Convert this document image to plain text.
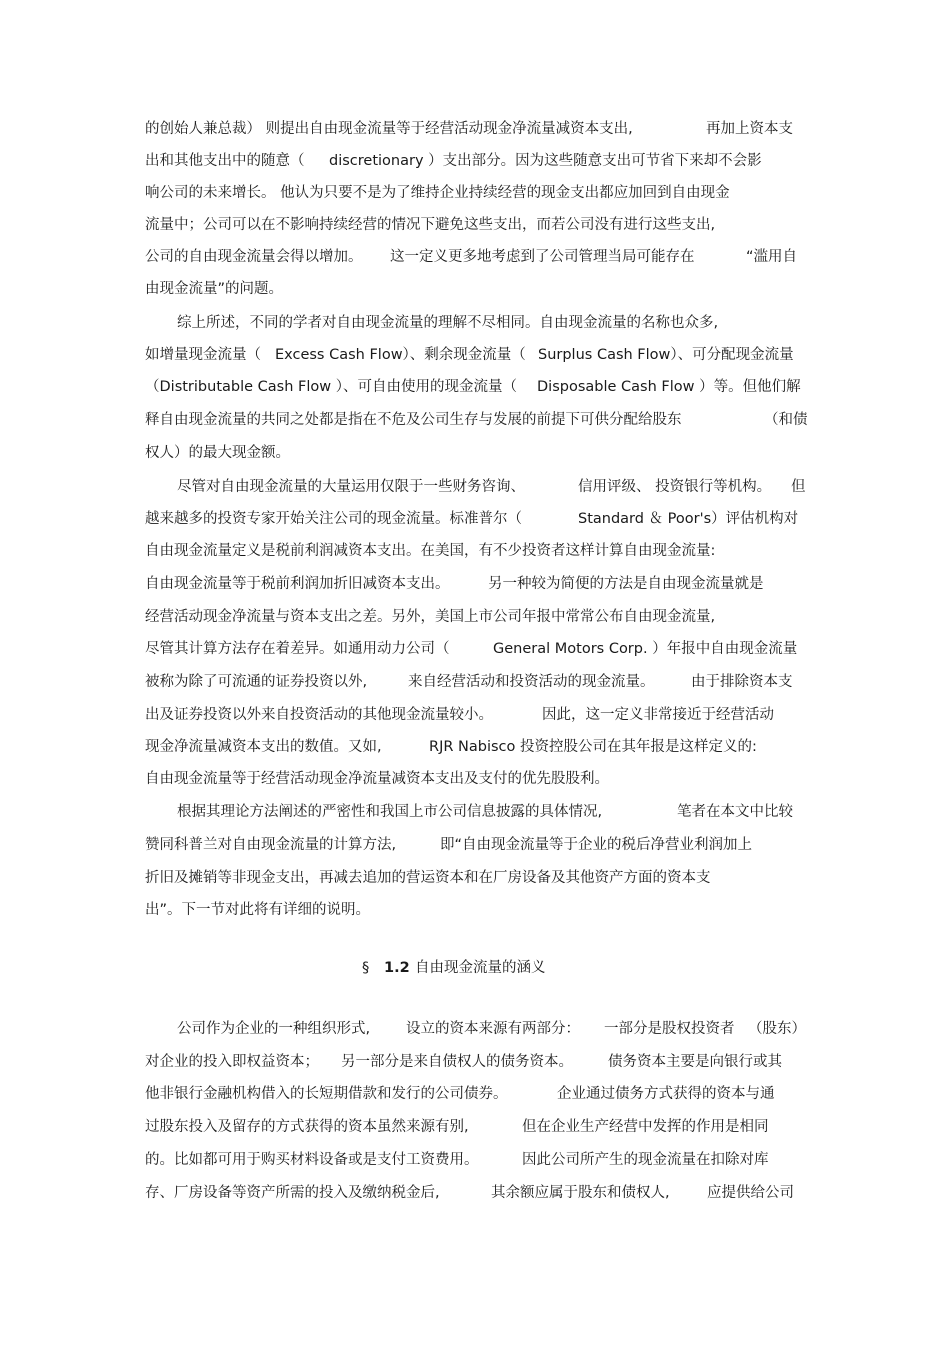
的创始人兼总裁） 则提出自由现金流量等于经营活动现金净流量减资本支出,	再加上资本支
出和其他支出中的随意（ discretionary ）支出部分。因为这些随意支出可节省下来却不会影
响公司的未来增长。 他认为只要不是为了维持企业持续经营的现金支出都应加回到自由现金
流量中；公司可以在不影响持续经营的情况下避免这些支出，而若公司没有进行这些支出,
公司的自由现金流量会得以增加。 这一定义更多地考虑到了公司管理当局可能存在	“滥用自
由现金流量”的问题。
综上所述，不同的学者对自由现金流量的理解不尽相同。自由现金流量的名称也众多,
如增量现金流量（ Excess Cash Flow）、剩余现金流量（ Surplus Cash Flow）、可分配现金流量
（Distributable Cash Flow ）、可自由使用的现金流量（ Disposable Cash Flow ）等。但他们解
释自由现金流量的共同之处都是指在不危及公司生存与发展的前提下可供分配给股东	（和债
权人）的最大现金额。
尽管对自由现金流量的大量运用仅限于一些财务咨询、	信用评级、 投资银行等机构。 但
越来越多的投资专家开始关注公司的现金流量。标准普尔（	Standard ＆ Poor's）评估机构对
自由现金流量定义是税前利润减资本支出。在美国，有不少投资者这样计算自由现金流量:
自由现金流量等于税前利润加折旧减资本支出。	另一种较为简便的方法是自由现金流量就是
经营活动现金净流量与资本支出之差。另外，美国上市公司年报中常常公布自由现金流量,
尽管其计算方法存在着差异。如通用动力公司（	General Motors Corp. ）年报中自由现金流量
被称为除了可流通的证券投资以外,	来自经营活动和投资活动的现金流量。	由于排除资本支
出及证券投资以外来自投资活动的其他现金流量较小。	因此，这一定义非常接近于经营活动
现金净流量减资本支出的数值。又如,	RJR Nabisco 投资控股公司在其年报是这样定义的:
自由现金流量等于经营活动现金净流量减资本支出及支付的优先股股利。
根据其理论方法阐述的严密性和我国上市公司信息披露的具体情况,	笔者在本文中比较
赞同科普兰对自由现金流量的计算方法,	即“自由现金流量等于企业的税后净营业利润加上
折旧及摊销等非现金支出，再减去追加的营运资本和在厂房设备及其他资产方面的资本支
出”。下一节对此将有详细的说明。
§ 1.2 自由现金流量的涵义
公司作为企业的一种组织形式, 设立的资本来源有两部分： 一部分是股权投资者 （股东）
对企业的投入即权益资本； 另一部分是来自债权人的债务资本。 债务资本主要是向银行或其
他非银行金融机构借入的长短期借款和发行的公司债券。	企业通过债务方式获得的资本与通
过股东投入及留存的方式获得的资本虽然来源有别,	但在企业生产经营中发挥的作用是相同
的。比如都可用于购买材料设备或是支付工资费用。	因此公司所产生的现金流量在扣除对库
存、厂房设备等资产所需的投入及缴纳税金后,	其余额应属于股东和债权人,	应提供给公司
